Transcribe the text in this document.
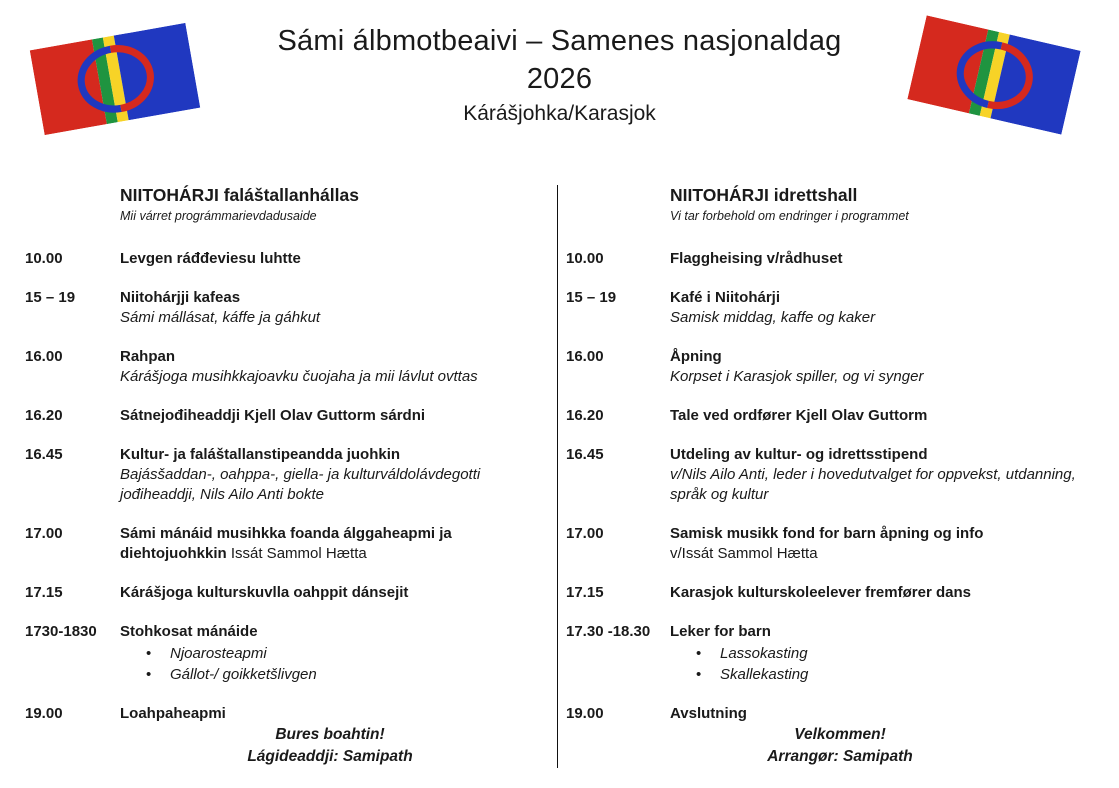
Sámi álbmotbeaivi – Samenes nasjonaldag
2026
Kárášjohka/Karasjok
NIITOHÁRJI faláštallanhállas
Mii várret prográmmarievdadusaide
10.00	Levgen ráđđeviesu luhtte
15 – 19	Niitohárjji kafeas
Sámi mállásat, káffe ja gáhkut
16.00	Rahpan
Kárášjoga musihkkajoavku čuojaha ja mii lávlut ovttas
16.20	Sátnejođiheaddji Kjell Olav Guttorm sárdni
16.45	Kultur- ja faláštallanstipeandda juohkin
Bajásšaddan-, oahppa-, giella- ja kulturváldolávdegotti jođiheaddji, Nils Ailo Anti bokte
17.00	Sámi mánáid musihkka foanda álggaheapmi ja diehtojuohkkin Issát Sammol Hætta
17.15	Kárášjoga kulturskuvlla oahppit dánsejit
1730-1830	Stohkosat mánáide
•	Njoarosteapmi
•	Gállot-/ goikketšlivgen
19.00	Loahpaheapmi
Bures boahtin!
Lágideaddji: Samipath
NIITOHÁRJI idrettshall
Vi tar forbehold om endringer i programmet
10.00	Flaggheising v/rådhuset
15 – 19	Kafé i Niitohárji
Samisk middag, kaffe og kaker
16.00	Åpning
Korpset i Karasjok spiller, og vi synger
16.20	Tale ved ordfører Kjell Olav Guttorm
16.45	Utdeling av kultur- og idrettsstipend
v/Nils Ailo Anti, leder i hovedutvalget for oppvekst, utdanning, språk og kultur
17.00	Samisk musikk fond for barn åpning og info
v/Issát Sammol Hætta
17.15	Karasjok kulturskoleelever fremfører dans
17.30 -18.30	Leker for barn
•	Lassokasting
•	Skallekasting
19.00	Avslutning
Velkommen!
Arrangør: Samipath
